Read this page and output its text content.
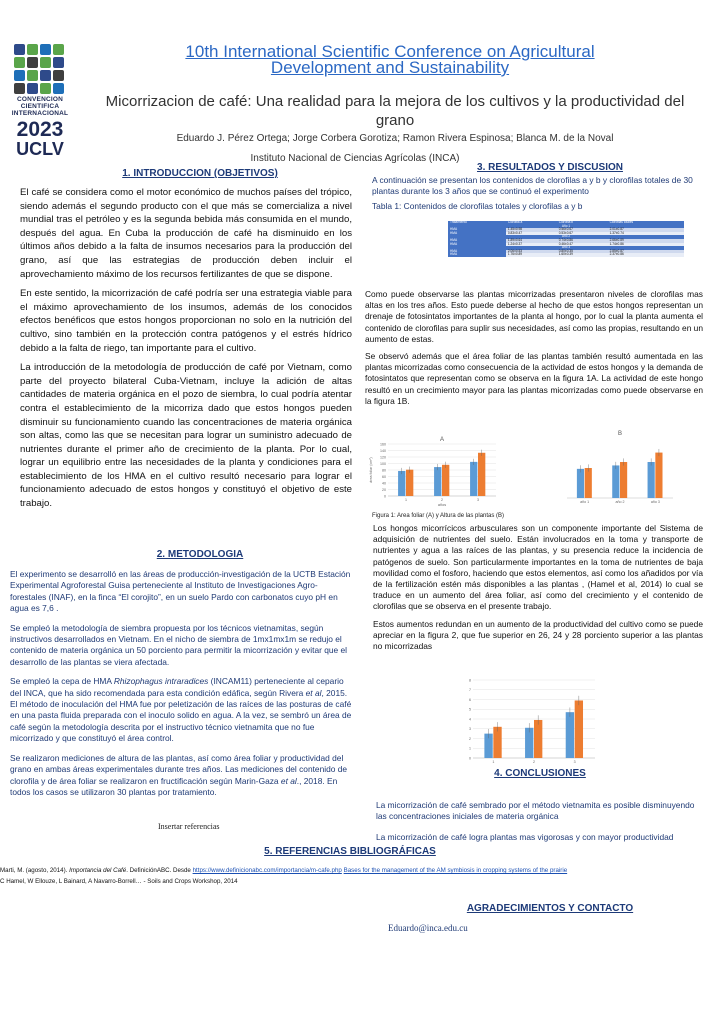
CONVENCION
CIENTIFICA
INTERNACIONAL
2023
UCLV
10th International Scientific Conference on Agricultural
Development and Sustainability
Micorrizacion de café: Una realidad para la mejora de los cultivos y la productividad del
grano
Eduardo J. Pérez Ortega; Jorge Corbera Gorotiza; Ramon Rivera Espinosa; Blanca M. de la Noval
Instituto Nacional de Ciencias Agrícolas (INCA)
1. INTRODUCCION (OBJETIVOS)

El café se considera como el motor económico de muchos países del trópico, siendo además el segundo producto con el que más se comercializa a nivel mundial tras el petróleo y es la segunda bebida más consumida en el mundo, después del agua. En Cuba la producción de café ha disminuido en los últimos años debido a la falta de insumos necesarios para la producción del grano, así que las estrategias de producción deben incluir el aprovechamiento máximo de los recursos fertilizantes de que se dispone.

En este sentido, la micorrización de café podría ser una estrategia viable para el máximo aprovechamiento de los insumos, además de los conocidos efectos benéficos que estos hongos proporcionan no solo en la nutrición del cultivo, sino también en la protección contra patógenos y el estrés hídrico debido a la falta de riego, tan importante para el cultivo.

La introducción de la metodología de producción de café por Vietnam, como parte del proyecto bilateral Cuba-Vietnam, incluye la adición de altas cantidades de materia orgánica en el pozo de siembra, lo cual podría atentar contra el establecimiento de la micorriza dado que estos hongos pueden disminuir su funcionamiento cuando las concentraciones de materia orgánica son altas, como las que se necesitan para lograr un suministro adecuado de nutrientes durante el primer año de crecimiento de la planta. Por lo cual, lograr un equilibrio entre las necesidades de la planta y condiciones para el establecimiento de los HMA en el cultivo resultó necesario para lograr el funcionamiento adecuado de estos hongos y constituyó el objetivo de este trabajo.

2. METODOLOGIA

El experimento se desarrolló en las áreas de producción-investigación de la UCTB Estación Experimental Agroforestal Guisa perteneciente al Instituto de Investigaciones Agro-forestales (INAF), en la finca “El corojito”, en un suelo Pardo con carbonatos cuyo pH en agua es 7,6 .

Se empleó la metodología de siembra propuesta por los técnicos vietnamitas, según instructivos desarrollados en Vietnam. En el nicho de siembra de 1mx1mx1m se redujo el contenido de materia orgánica un 50 porciento para permitir la micorrización y evitar que el desarrollo de las plantas se viera afectada.

Se empleó la cepa de HMA Rhizophagus intraradices (INCAM11) perteneciente al cepario del INCA, que ha sido recomendada para esta condición edáfica, según Rivera et al, 2015. El método de inoculación del HMA fue por peletización de las raíces de las posturas de café en una pasta fluida preparada con el inoculo solido en agua. A la vez, se sembró un área de café según la metodología descrita por el instructivo técnico vietnamita que no fue micorrizado y que constituyó el área control.

Se realizaron mediciones de altura de las plantas, así como área foliar y productividad del grano en ambas áreas experimentales durante tres años. Las mediciones del contenido de clorofila y de área foliar se realizaron en fructificación según Marin-Gaza et al., 2018. En todos los casos se utilizaron 30 plantas por tratamiento.

Insertar referencias
3. RESULTADOS Y DISCUSION
A continuación se presentan los contenidos de clorofilas a y b y clorofilas totales de 30 plantas durante los 3 años que se continuó el experimento
Tabla 1: Contenidos de clorofilas totales y clorofilas a y b
Tratamiento	Clorofila a	Clorofila b	Clorofilas totales
Año 1			
HMA	1.45±0.98	0.56±0.67	2.01±0.87
HMA	0.83±0.47	0.53±0.67	1.37±0.74
Año 2			
HMA	1.89±0.64	0.74±0.86	2.66±0.89
HMA	1.24±0.37	0.46±0.47	1.74±0.86
Año 3			
HMA	2.06±0.53	0.80±0.35	2.85±0.87
HMA	1.76±0.89	1.60±0.39	2.37±0.86

Como puede observarse las plantas micorrizadas presentaron niveles de clorofilas mas altas en los tres años. Esto puede deberse al hecho de que estos hongos representan un drenaje de fotosintatos importantes de la planta al hongo, por lo cual la planta aumenta el contenido de clorofilas para suplir sus necesidades, así como las propias, resultando en un aumento de estas.

Se observó además que el área foliar de las plantas también resultó aumentada en las plantas micorrizadas como consecuencia de la actividad de estos hongos y la demanda de fotosintatos que representan como se observa en la figura 1A. La actividad de este hongo resultó en un crecimiento mayor para las plantas micorrizadas como puede observarse en la figura 1B.

A
0
20
40
60
80
100
120
140
160
1	2	3
años
área foliar (cm²)
B
año 1	año 2	año 3
Figura 1: Area foliar (A) y Altura de las plantas (B)

Los hongos micorrícicos arbusculares son un componente importante del Sistema de adquisición de nutrientes del suelo. Están involucrados en la toma y transporte de nutrientes y agua a las raíces de las plantas, y su presencia reduce la incidencia de patógenos de suelo. Son particularmente importantes en la toma de nutrientes de baja movilidad como el fosforo, haciendo que estos elementos, así como los añadidos por vía de la fertilización estén más disponibles a las plantas , (Hamel et al, 2014) lo cual se traduce en un aumento del área foliar, así como del crecimiento y el contenido de clorofilas que se observa en el presente trabajo.

Estos aumentos redundan en un aumento de la productividad del cultivo como se puede apreciar en la figura 2, que fue superior en 26, 24 y 28 porciento superior a las plantas no micorrizadas

0
1
2
3
4
5
6
7
8
1	2	3
4. CONCLUSIONES
La micorrización de café sembrado por el método vietnamita es posible disminuyendo las concentraciones iniciales de materia orgánica
La micorrización de café logra plantas mas vigorosas y con mayor productividad
5. REFERENCIAS BIBLIOGRÁFICAS
Marti, M. (agosto, 2014). Importancia del Café. DefiniciónABC. Desde https://www.definicionabc.com/importancia/m-cafe.php Bases for the management of the AM symbiosis in cropping systems of the prairie
C Hamel, W Ellouze, L Bainard, A Navarro-Borrell… - Soils and Crops Workshop, 2014
AGRADECIMIENTOS Y CONTACTO
Eduardo@inca.edu.cu
